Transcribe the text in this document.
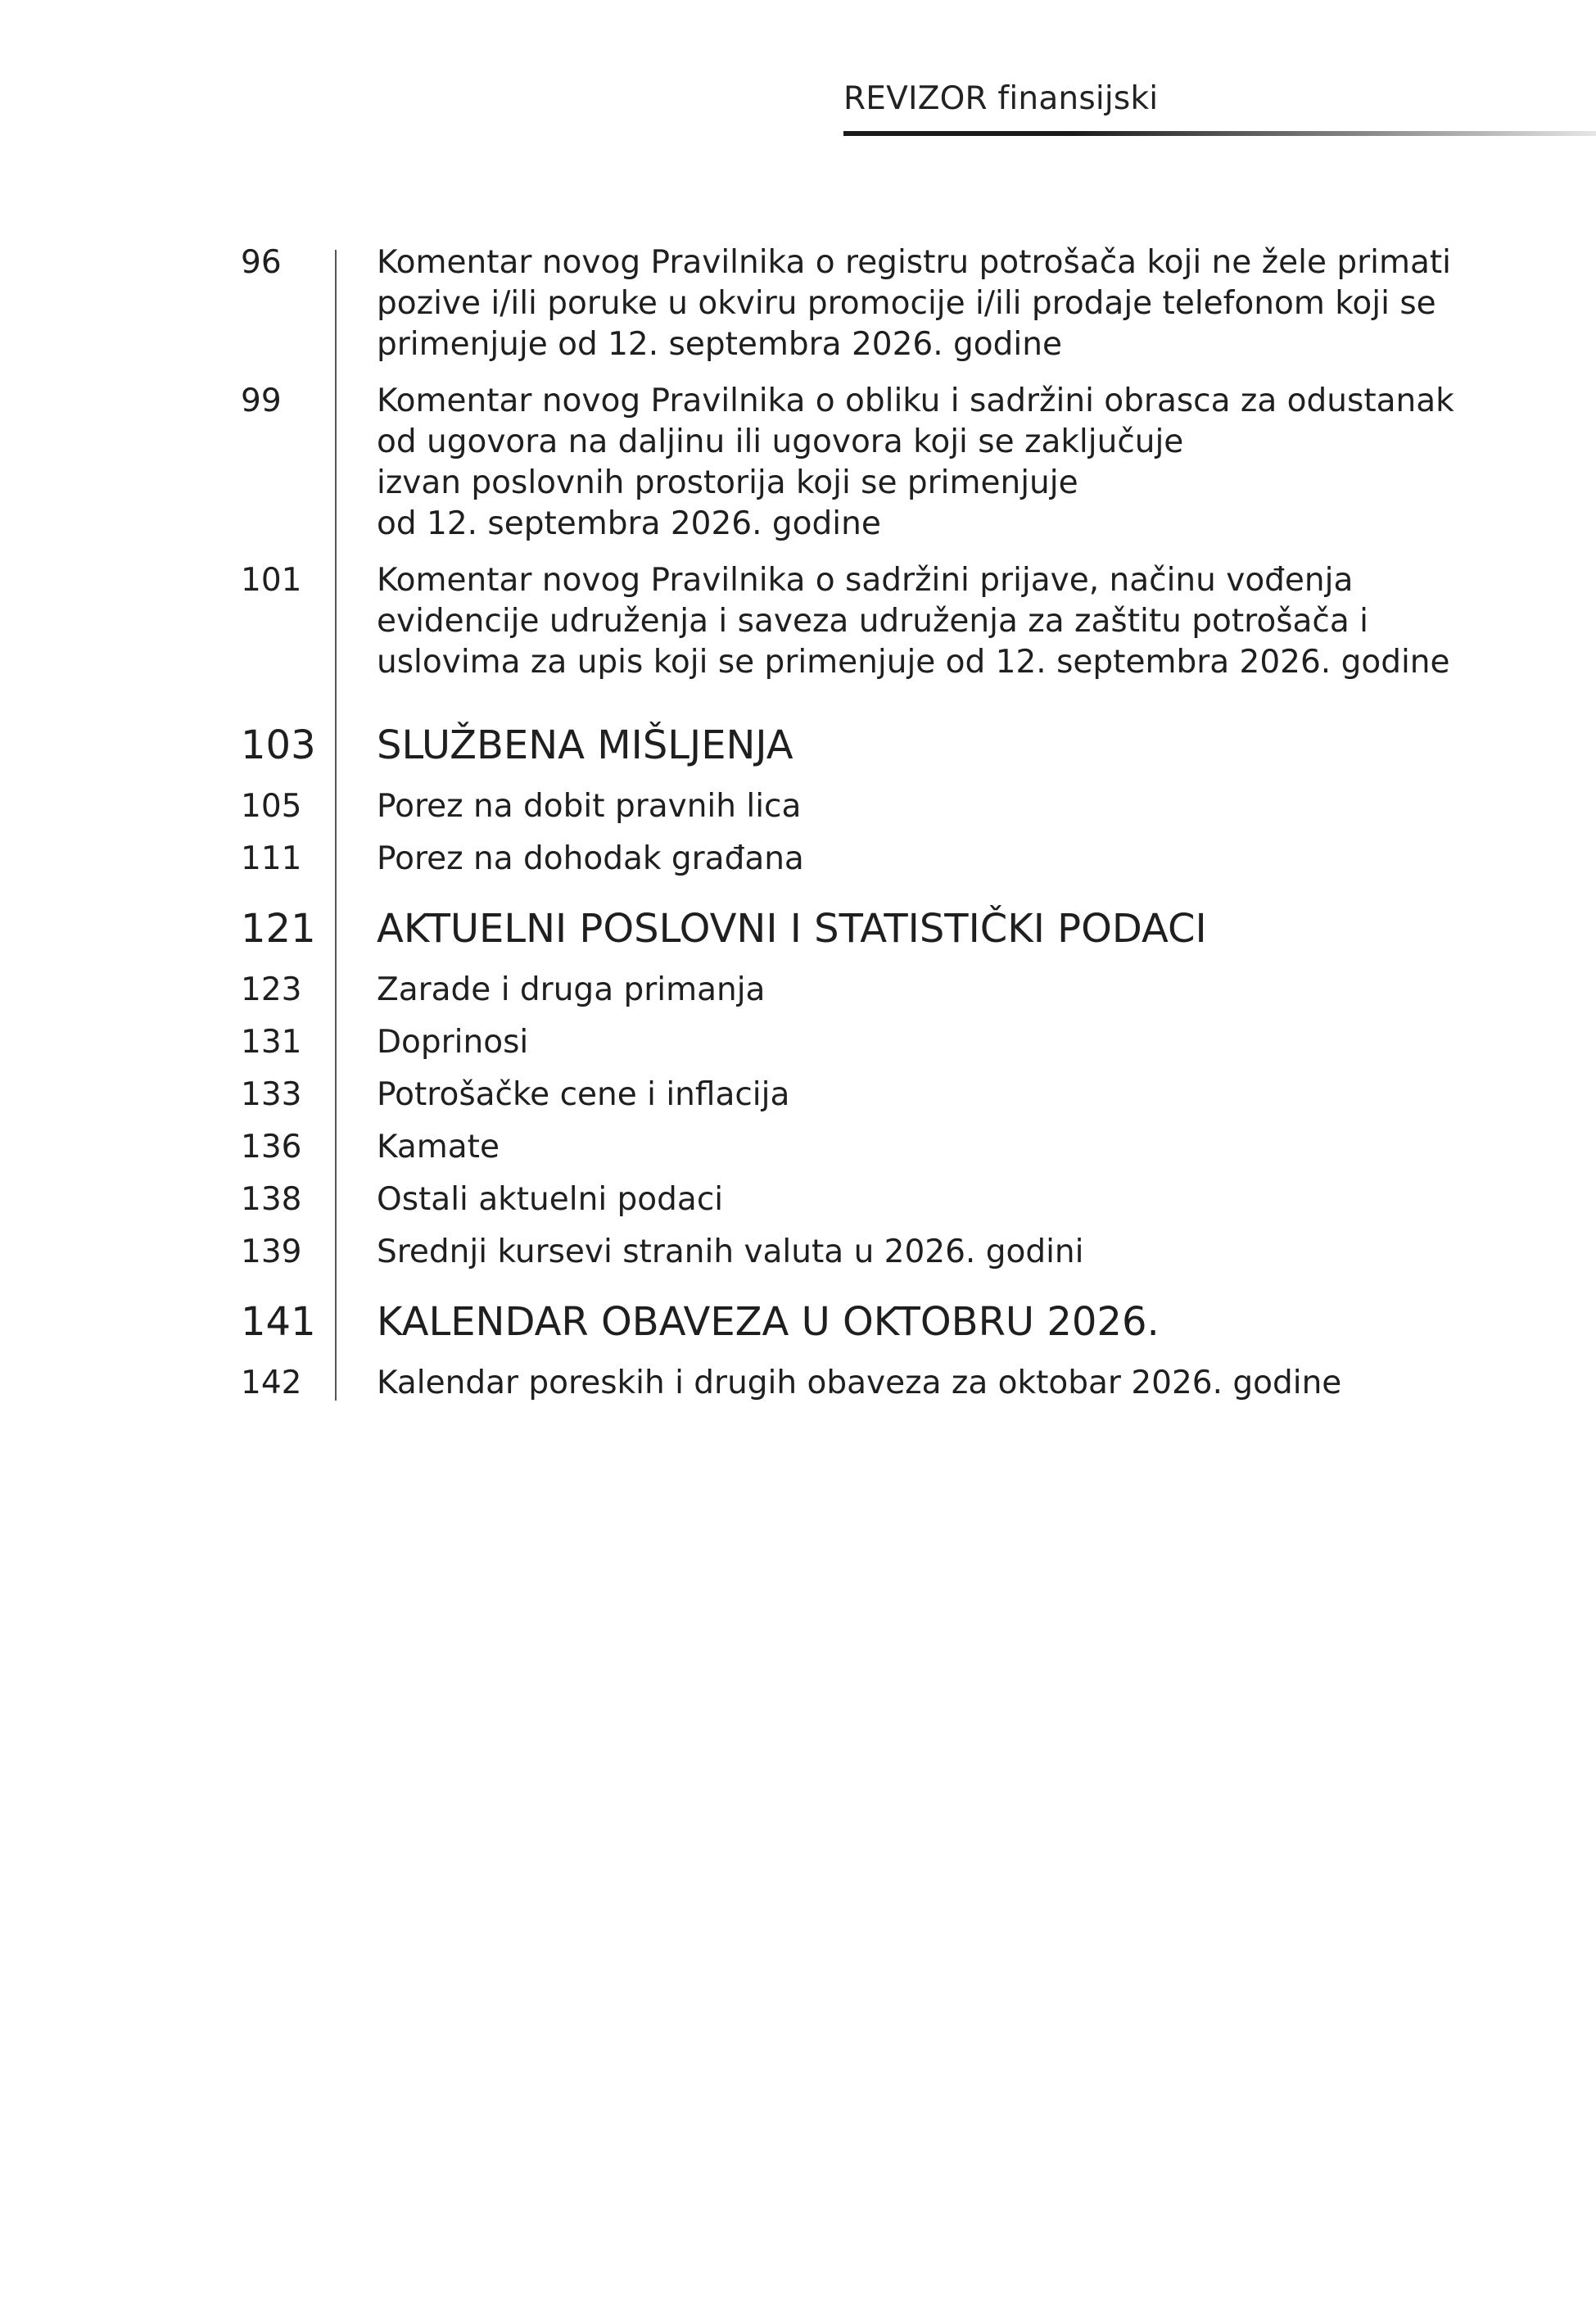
REVIZOR finansijski
96	Komentar novog Pravilnika o registru potrošača koji ne žele primati
pozive i/ili poruke u okviru promocije i/ili prodaje telefonom koji se
primenjuje od 12. septembra 2026. godine
99	Komentar novog Pravilnika o obliku i sadržini obrasca za odustanak
od ugovora na daljinu ili ugovora koji se zaključuje
izvan poslovnih prostorija koji se primenjuje
od 12. septembra 2026. godine
101 Komentar novog Pravilnika o sadržini prijave, načinu vođenja
evidencije udruženja i saveza udruženja za zaštitu potrošača i
uslovima za upis koji se primenjuje od 12. septembra 2026. godine
103 SLUŽBENA MIŠLJENJA
105 Porez na dobit pravnih lica
111 Porez na dohodak građana
121 AKTUELNI POSLOVNI I STATISTIČKI PODACI
123 Zarade i druga primanja
131 Doprinosi
133 Potrošačke cene i inflacija
136 Kamate
138 Ostali aktuelni podaci
139 Srednji kursevi stranih valuta u 2026. godini
141 KALENDAR OBAVEZA U OKTOBRU 2026.
142 Kalendar poreskih i drugih obaveza za oktobar 2026. godine
